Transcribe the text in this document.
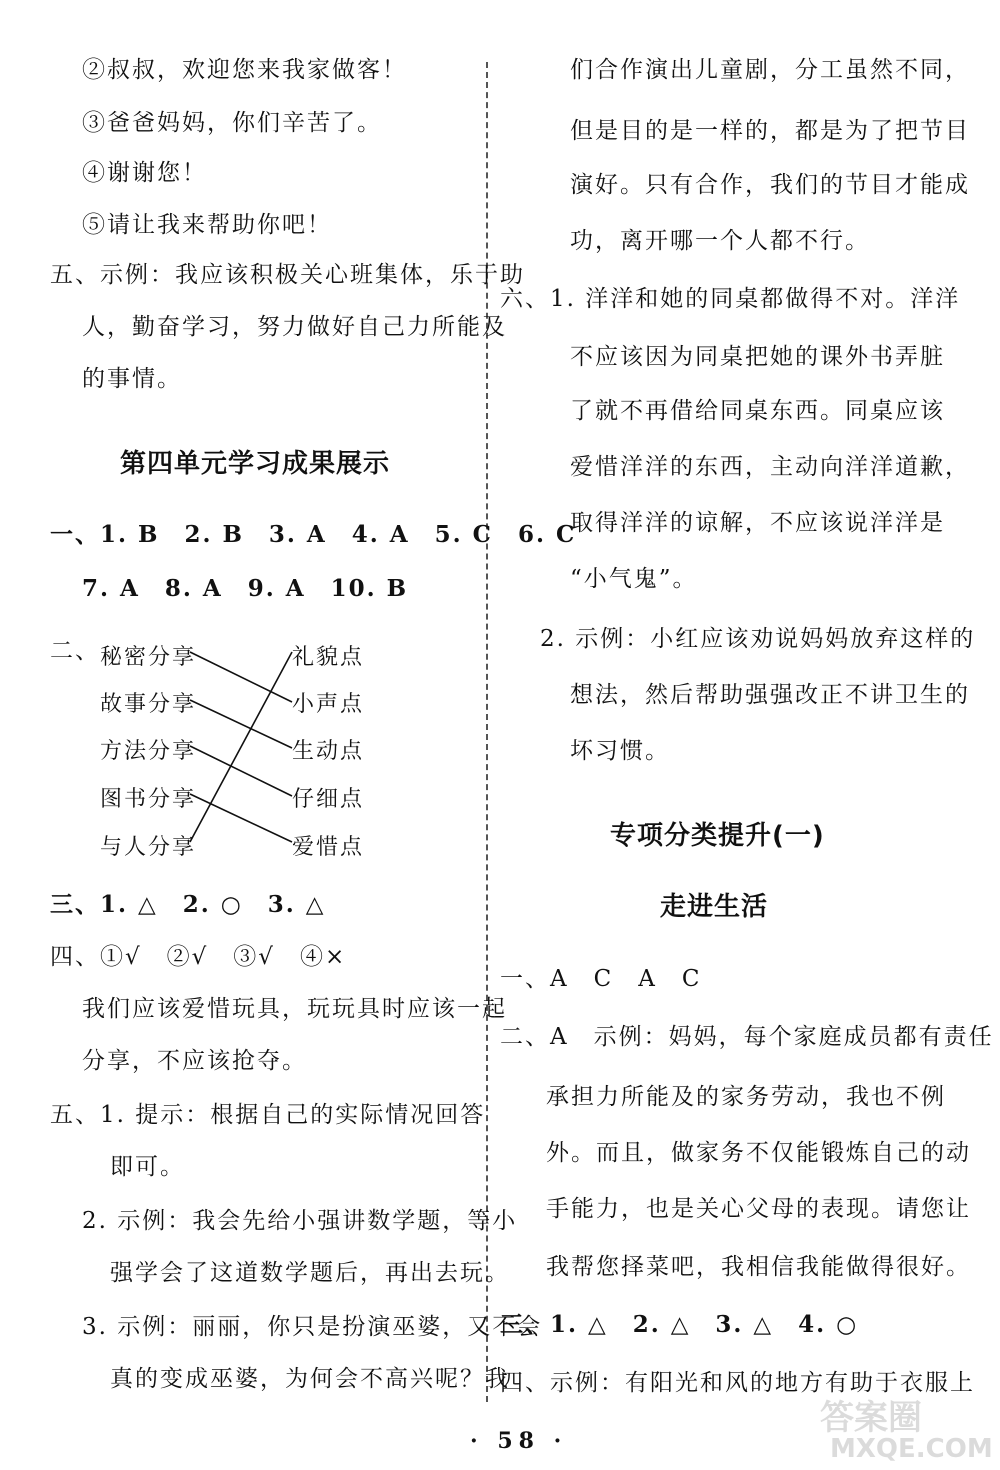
②叔叔，欢迎您来我家做客！
③爸爸妈妈，你们辛苦了。
④谢谢您！
⑤请让我来帮助你吧！
五、示例：我应该积极关心班集体，乐于助
人，勤奋学习，努力做好自己力所能及
的事情。
第四单元学习成果展示
一、1. B　2. B　3. A　4. A　5. C　6. C
7. A　8. A　9. A　10. B
二、 秘密分享
故事分享
方法分享
图书分享
与人分享
礼貌点
小声点
生动点
仔细点
爱惜点
三、1. △　2. ○　3. △
四、①√　②√　③√　④×
我们应该爱惜玩具，玩玩具时应该一起
分享，不应该抢夺。
五、1. 提示：根据自己的实际情况回答
即可。
2. 示例：我会先给小强讲数学题，等小
强学会了这道数学题后，再出去玩。
3. 示例：丽丽，你只是扮演巫婆，又不会
真的变成巫婆，为何会不高兴呢？我
们合作演出儿童剧，分工虽然不同，
但是目的是一样的，都是为了把节目
演好。只有合作，我们的节目才能成
功，离开哪一个人都不行。
六、1. 洋洋和她的同桌都做得不对。洋洋
不应该因为同桌把她的课外书弄脏
了就不再借给同桌东西。同桌应该
爱惜洋洋的东西，主动向洋洋道歉，
取得洋洋的谅解，不应该说洋洋是
“小气鬼”。
2. 示例：小红应该劝说妈妈放弃这样的
想法，然后帮助强强改正不讲卫生的
坏习惯。
专项分类提升(一)
走进生活
一、A　C　A　C
二、A　示例：妈妈，每个家庭成员都有责任
承担力所能及的家务劳动，我也不例
外。而且，做家务不仅能锻炼自己的动
手能力，也是关心父母的表现。请您让
我帮您择菜吧，我相信我能做得很好。
三、1. △　2. △　3. △　4. ○
四、示例：有阳光和风的地方有助于衣服上
· 58 ·
答案圈
MXQE.COM
